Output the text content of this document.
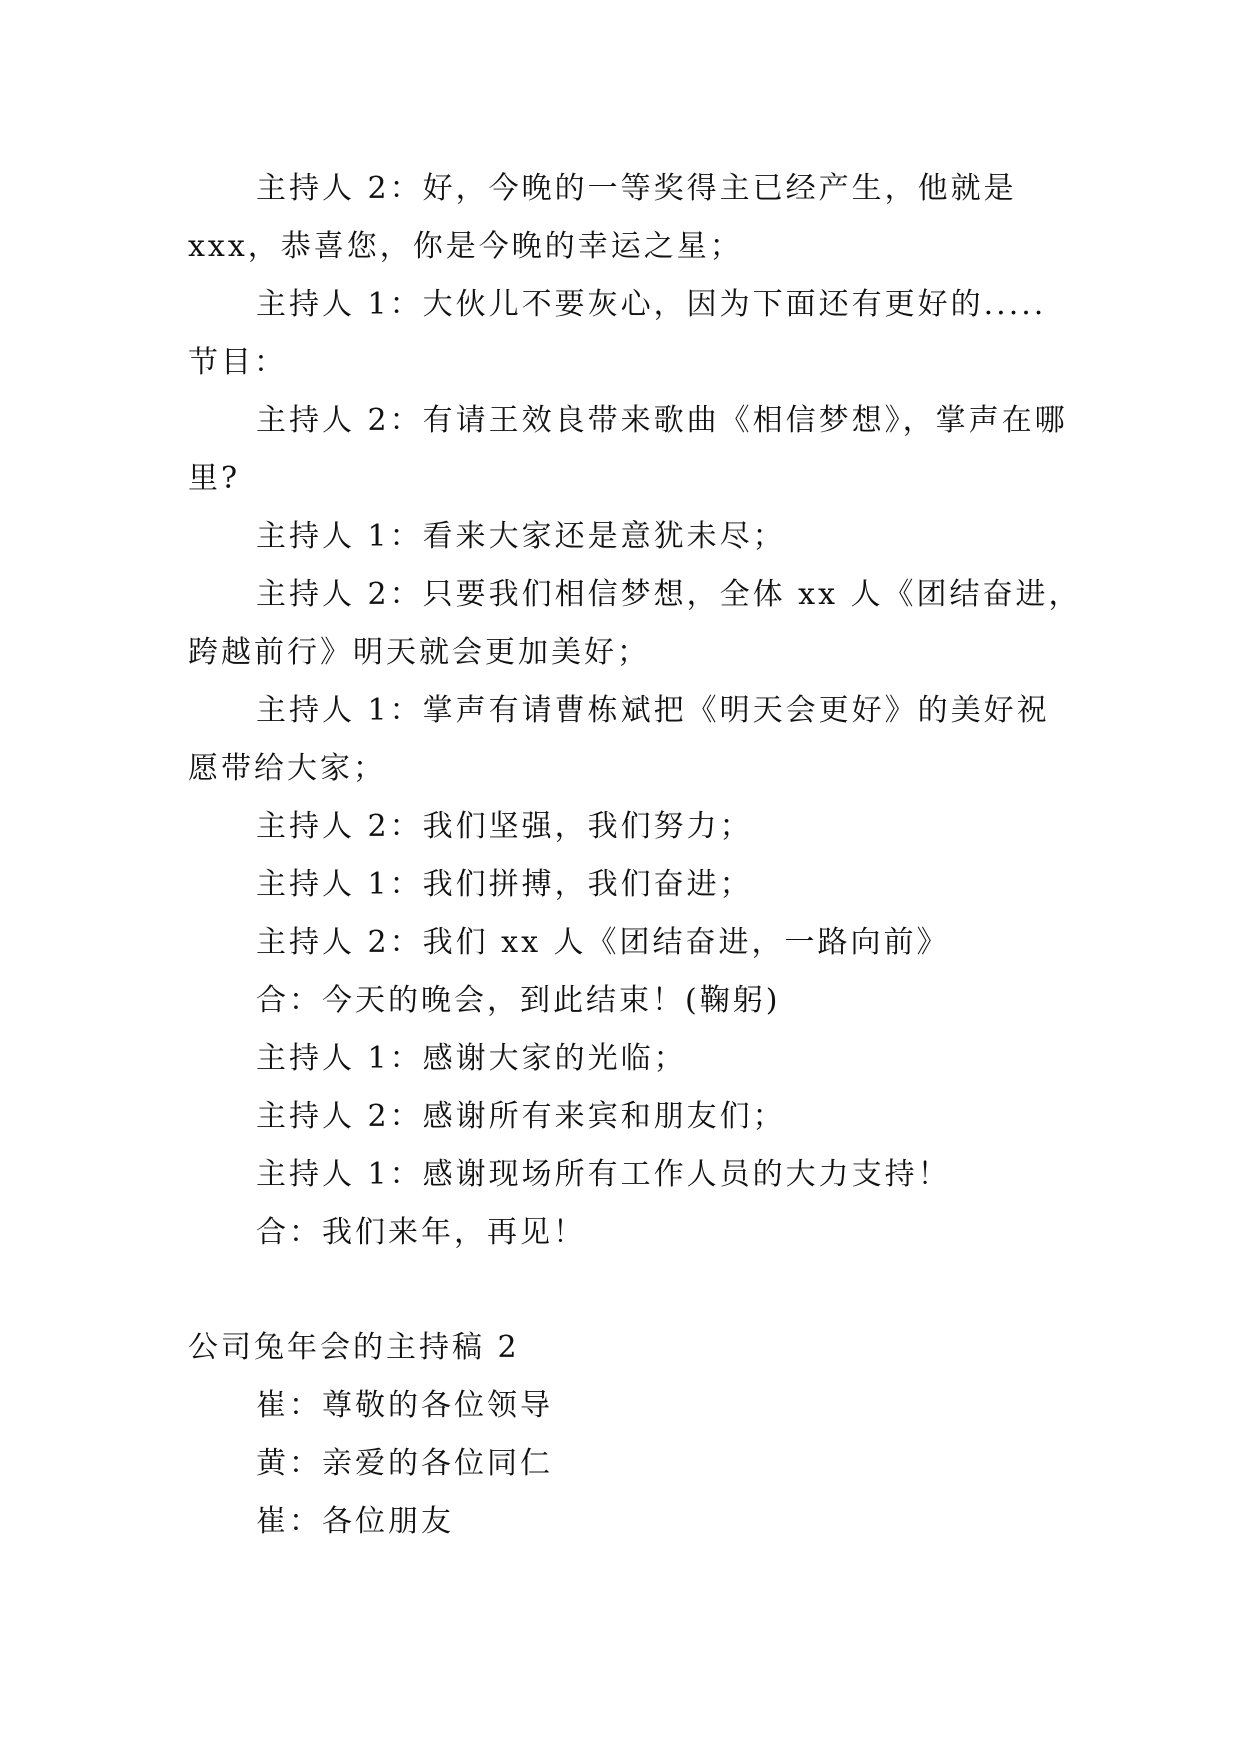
主持人 2：好，今晚的一等奖得主已经产生，他就是
xxx，恭喜您，你是今晚的幸运之星；
主持人 1：大伙儿不要灰心，因为下面还有更好的.....
节目：
主持人 2：有请王效良带来歌曲《相信梦想》，掌声在哪
里?
主持人 1：看来大家还是意犹未尽；
主持人 2：只要我们相信梦想，全体 xx 人《团结奋进，
跨越前行》明天就会更加美好；
主持人 1：掌声有请曹栋斌把《明天会更好》的美好祝
愿带给大家；
主持人 2：我们坚强，我们努力；
主持人 1：我们拼搏，我们奋进；
主持人 2：我们 xx 人《团结奋进，一路向前》
合：今天的晚会，到此结束！(鞠躬)
主持人 1：感谢大家的光临；
主持人 2：感谢所有来宾和朋友们；
主持人 1：感谢现场所有工作人员的大力支持！
合：我们来年，再见！
公司兔年会的主持稿 2
崔：尊敬的各位领导
黄：亲爱的各位同仁
崔：各位朋友
